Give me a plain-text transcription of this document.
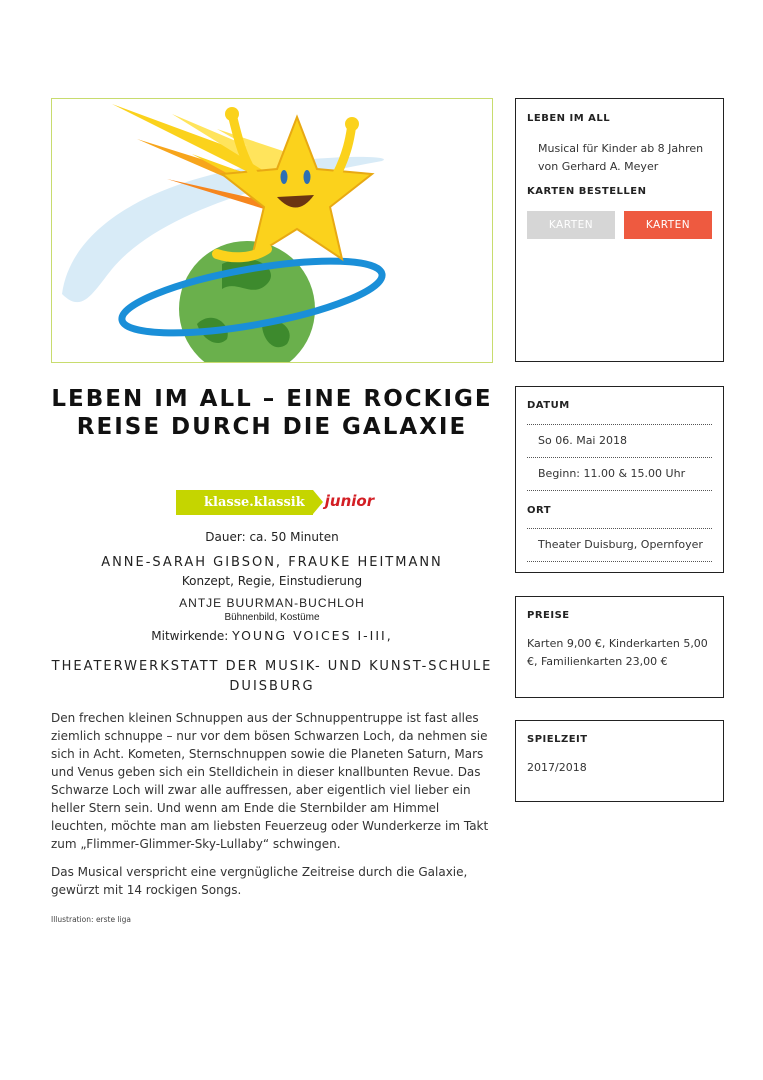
LEBEN IM ALL – EINE ROCKIGE REISE DURCH DIE GALAXIE
klasse.klassik	junior
Dauer: ca. 50 Minuten
ANNE-SARAH GIBSON, FRAUKE HEITMANN
Konzept, Regie, Einstudierung
ANTJE BUURMAN-BUCHLOH
Bühnenbild, Kostüme
Mitwirkende: YOUNG VOICES I-III,
THEATERWERKSTATT DER MUSIK- UND KUNST-SCHULE DUISBURG

Den frechen kleinen Schnuppen aus der Schnuppentruppe ist fast alles ziemlich schnuppe – nur vor dem bösen Schwarzen Loch, da nehmen sie sich in Acht. Kometen, Sternschnuppen sowie die Planeten Saturn, Mars und Venus geben sich ein Stelldichein in dieser knallbunten Revue. Das Schwarze Loch will zwar alle auffressen, aber eigentlich viel lieber ein heller Stern sein. Und wenn am Ende die Sternbilder am Himmel leuchten, möchte man am liebsten Feuerzeug oder Wunderkerze im Takt zum „Flimmer-Glimmer-Sky-Lullaby“ schwingen.

Das Musical verspricht eine vergnügliche Zeitreise durch die Galaxie, gewürzt mit 14 rockigen Songs.

Illustration: erste liga
LEBEN IM ALL
Musical für Kinder ab 8 Jahren von Gerhard A. Meyer
KARTEN BESTELLEN
KARTEN 11H
KARTEN 15H
DATUM
So 06. Mai 2018
Beginn: 11.00 & 15.00 Uhr
ORT
Theater Duisburg, Opernfoyer
PREISE
Karten 9,00 €, Kinderkarten 5,00 €, Familienkarten 23,00 €
SPIELZEIT
2017/2018
